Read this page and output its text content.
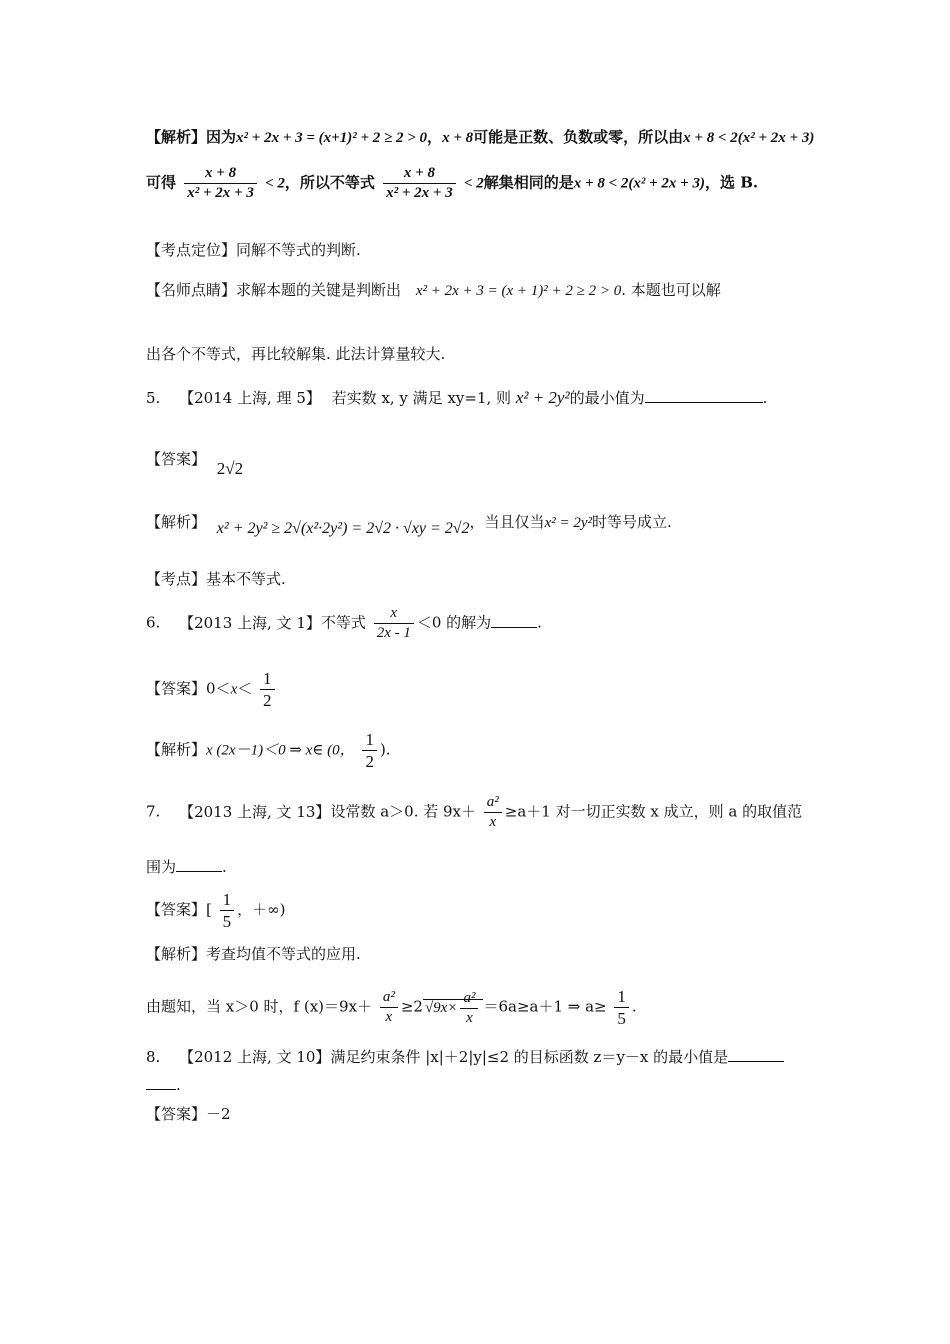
【解析】因为x² + 2x + 3 = (x+1)² + 2 ≥ 2 > 0，x + 8可能是正数、负数或零，所以由x + 8 < 2(x² + 2x + 3)
可得 $\frac{x + 8}{\text{x² + 2x + 3}} < 2$，所以不等式 $\frac{x + 8}{\text{x² + 2x + 3}} < 2$解集相同的是x + 8 < 2(x² + 2x + 3)，选 B.
【考点定位】同解不等式的判断.
【名师点睛】求解本题的关键是判断出 x² + 2x + 3 = (x + 1)² + 2 ≥ 2 > 0. 本题也可以解
出各个不等式，再比较解集. 此法计算量较大.
5. 【2014 上海, 理 5】 若实数 x, y 满足 xy=1, 则 x² + 2y²的最小值为	.
【答案】 2√2
【解析】 x² + 2y² ≥ 2√(x²·2y²) = 2√2 · √xy = 2√2，当且仅当x² = 2y²时等号成立.
【考点】基本不等式.
6. 【2013 上海, 文 1】不等式 $\frac{x}{2x - 1} <0$ 的解为	.
【答案】$0<x< \frac{1}{2}$
【解析】x (2x－1)＜0 ⇒ x∈ (0， $\frac{1}{2}$ ).
7. 【2013 上海, 文 13】设常数 a＞0. 若 $9x+ \frac{\text{a²}}{x} \ge a+1$ 对一切正实数 x 成立，则 a 的取值范
围为	.
【答案】[ $\frac{1}{5}$ ，＋∞)
【解析】考查均值不等式的应用.
由题知，当 x＞0 时，f $(x)=9x+ \frac{\text{a²}}{x} \ge 2$ $√9x\times \frac{\text{a²}}{x} =6a\ge a+1$ ⇒ $a\ge \frac{1}{5}$ .
8. 【2012 上海, 文 10】满足约束条件 |x|＋2|y|≤2 的目标函数 z＝y－x 的最小值是
.
【答案】－2
